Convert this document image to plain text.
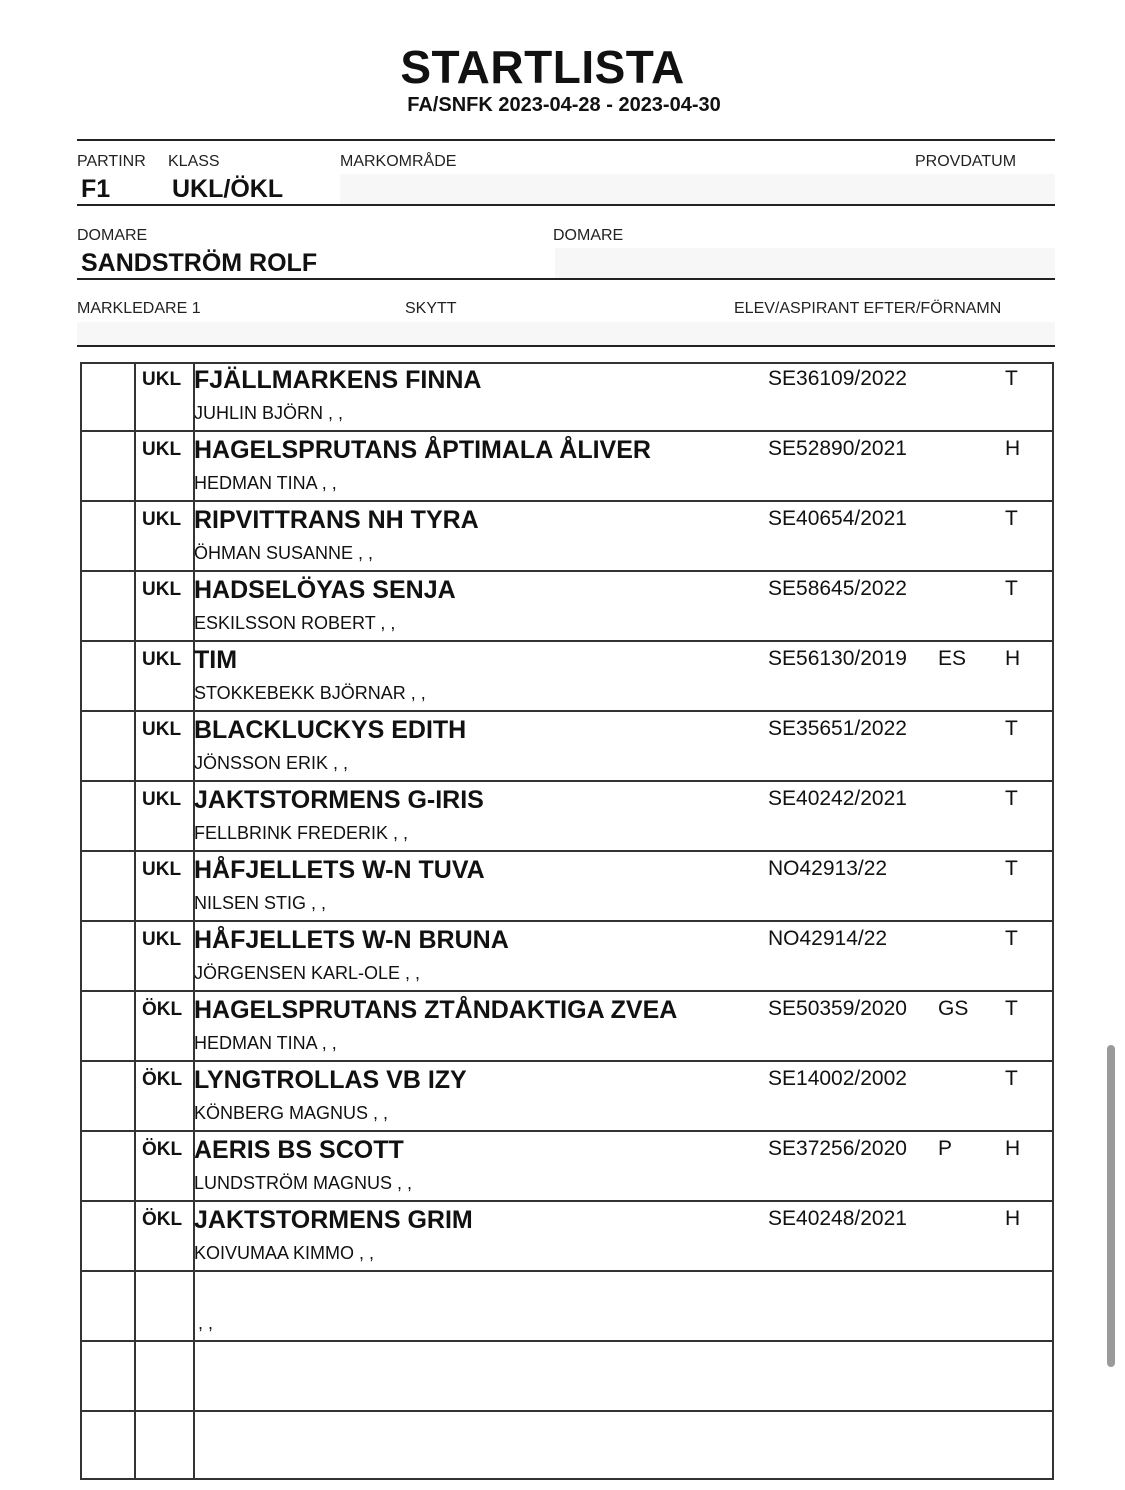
STARTLISTA
FA/SNFK 2023-04-28 - 2023-04-30
PARTINR KLASS	MARKOMRÅDE	PROVDATUM
F1 UKL/ÖKL
DOMARE	DOMARE
SANDSTRÖM ROLF
MARKLEDARE 1	SKYTT	ELEV/ASPIRANT EFTER/FÖRNAMN
UKL FJÄLLMARKENS FINNA
JUHLIN BJÖRN , ,
SE36109/2022	T
UKL HAGELSPRUTANS ÅPTIMALA ÅLIVER
HEDMAN TINA , ,
SE52890/2021	H
UKL RIPVITTRANS NH TYRA
ÖHMAN SUSANNE , ,
SE40654/2021	T
UKL HADSELÖYAS SENJA
ESKILSSON ROBERT , ,
SE58645/2022	T
UKL TIM
STOKKEBEKK BJÖRNAR , ,
SE56130/2019 ES H
UKL BLACKLUCKYS EDITH
JÖNSSON ERIK , ,
SE35651/2022	T
UKL JAKTSTORMENS G-IRIS
FELLBRINK FREDERIK , ,
SE40242/2021	T
UKL HÅFJELLETS W-N TUVA
NILSEN STIG , ,
NO42913/22	T
UKL HÅFJELLETS W-N BRUNA
JÖRGENSEN KARL-OLE , ,
NO42914/22	T
ÖKL HAGELSPRUTANS ZTÅNDAKTIGA ZVEA
HEDMAN TINA , ,
SE50359/2020 GS T
ÖKL LYNGTROLLAS VB IZY
KÖNBERG MAGNUS , ,
SE14002/2002	T
ÖKL AERIS BS SCOTT
LUNDSTRÖM MAGNUS , ,
SE37256/2020 P	H
ÖKL JAKTSTORMENS GRIM
KOIVUMAA KIMMO , ,
SE40248/2021	H
, ,
